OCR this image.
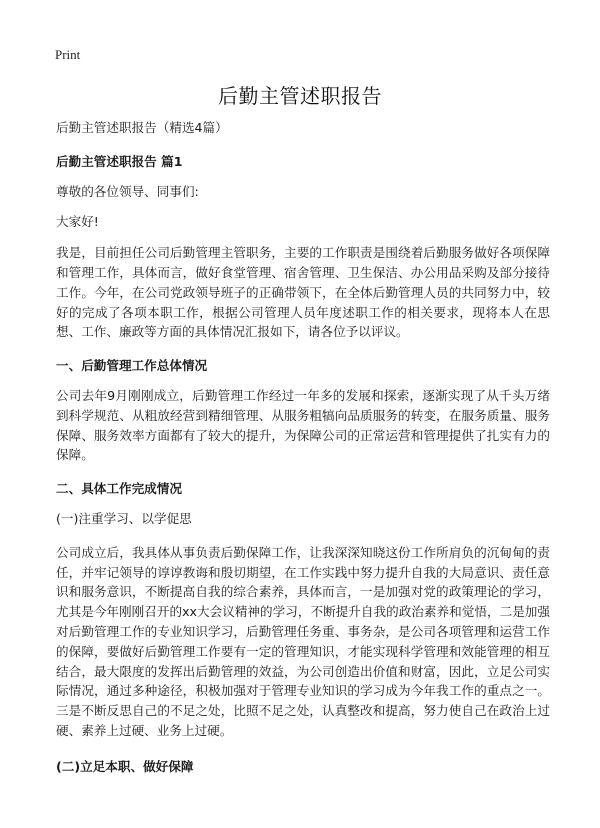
Print
后勤主管述职报告

后勤主管述职报告（精选4篇）

后勤主管述职报告 篇1

尊敬的各位领导、同事们:

大家好!

我是，目前担任公司后勤管理主管职务，主要的工作职责是围绕着后勤服务做好各项保障和管理工作，具体而言，做好食堂管理、宿舍管理、卫生保洁、办公用品采购及部分接待工作。今年，在公司党政领导班子的正确带领下，在全体后勤管理人员的共同努力中，较好的完成了各项本职工作，根据公司管理人员年度述职工作的相关要求，现将本人在思想、工作、廉政等方面的具体情况汇报如下，请各位予以评议。

一、后勤管理工作总体情况

公司去年9月刚刚成立，后勤管理工作经过一年多的发展和探索，逐渐实现了从千头万绪到科学规范、从粗放经营到精细管理、从服务粗犒向品质服务的转变，在服务质量、服务保障、服务效率方面都有了较大的提升，为保障公司的正常运营和管理提供了扎实有力的保障。

二、具体工作完成情况

(一)注重学习、以学促思

公司成立后，我具体从事负责后勤保障工作，让我深深知晓这份工作所肩负的沉甸甸的责任，并牢记领导的谆谆教诲和殷切期望，在工作实践中努力提升自我的大局意识、责任意识和服务意识，不断提高自我的综合素养，具体而言，一是加强对党的政策理论的学习，尤其是今年刚刚召开的xx大会议精神的学习，不断提升自我的政治素养和觉悟，二是加强对后勤管理工作的专业知识学习，后勤管理任务重、事务杂，是公司各项管理和运营工作的保障，要做好后勤管理工作要有一定的管理知识，才能实现科学管理和效能管理的相互结合，最大限度的发挥出后勤管理的效益，为公司创造出价值和财富，因此，立足公司实际情况，通过多种途径，积极加强对于管理专业知识的学习成为今年我工作的重点之一。三是不断反思自己的不足之处，比照不足之处，认真整改和提高，努力使自己在政治上过硬、素养上过硬、业务上过硬。

(二)立足本职、做好保障
